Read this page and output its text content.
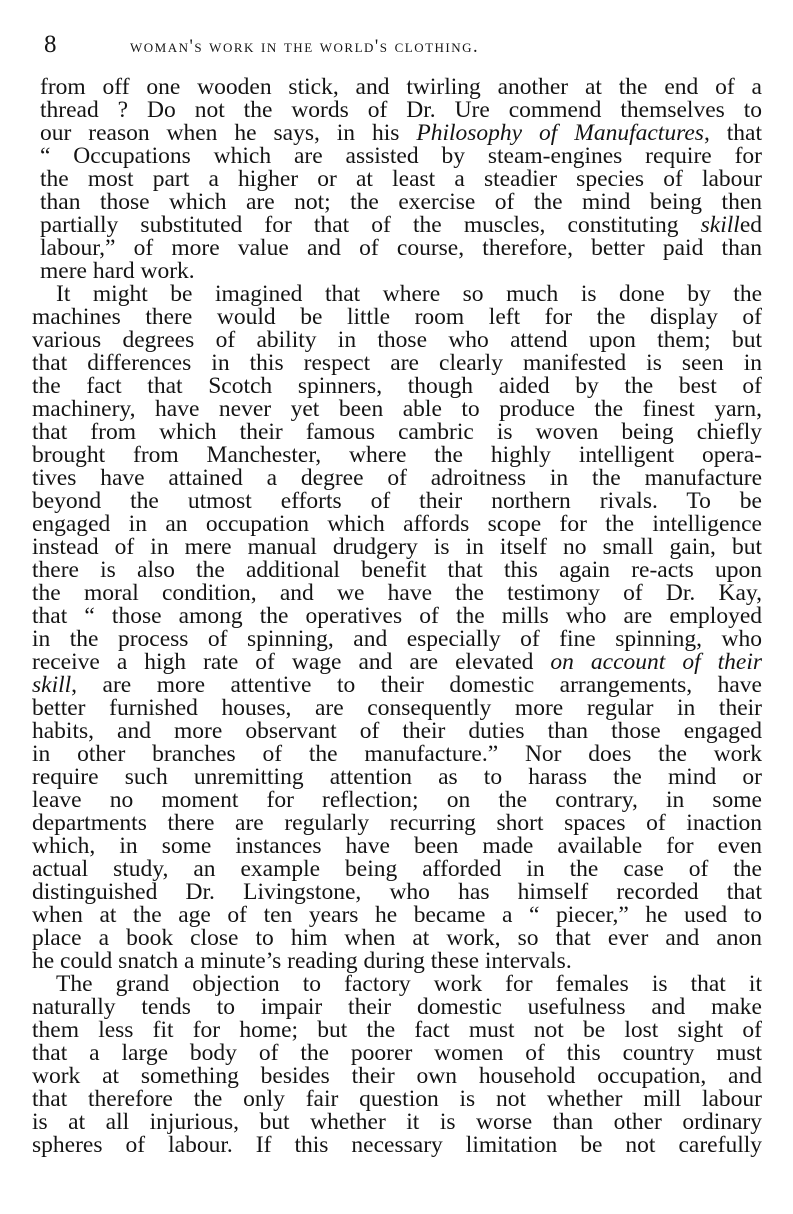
8	woman's work in the world's clothing.
from off one wooden stick, and twirling another at the end of a
thread ? Do not the words of Dr. Ure commend themselves to
our reason when he says, in his Philosophy of Manufactures, that
“ Occupations which are assisted by steam-engines require for
the most part a higher or at least a steadier species of labour
than those which are not; the exercise of the mind being then
partially substituted for that of the muscles, constituting skilled
labour,” of more value and of course, therefore, better paid than
mere hard work.
It might be imagined that where so much is done by the
machines there would be little room left for the display of
various degrees of ability in those who attend upon them; but
that differences in this respect are clearly manifested is seen in
the fact that Scotch spinners, though aided by the best of
machinery, have never yet been able to produce the finest yarn,
that from which their famous cambric is woven being chiefly
brought from Manchester, where the highly intelligent opera-
tives have attained a degree of adroitness in the manufacture
beyond the utmost efforts of their northern rivals. To be
engaged in an occupation which affords scope for the intelligence
instead of in mere manual drudgery is in itself no small gain, but
there is also the additional benefit that this again re-acts upon
the moral condition, and we have the testimony of Dr. Kay,
that “ those among the operatives of the mills who are employed
in the process of spinning, and especially of fine spinning, who
receive a high rate of wage and are elevated on account of their
skill, are more attentive to their domestic arrangements, have
better furnished houses, are consequently more regular in their
habits, and more observant of their duties than those engaged
in other branches of the manufacture.” Nor does the work
require such unremitting attention as to harass the mind or
leave no moment for reflection; on the contrary, in some
departments there are regularly recurring short spaces of inaction
which, in some instances have been made available for even
actual study, an example being afforded in the case of the
distinguished Dr. Livingstone, who has himself recorded that
when at the age of ten years he became a “ piecer,” he used to
place a book close to him when at work, so that ever and anon
he could snatch a minute’s reading during these intervals.
The grand objection to factory work for females is that it
naturally tends to impair their domestic usefulness and make
them less fit for home; but the fact must not be lost sight of
that a large body of the poorer women of this country must
work at something besides their own household occupation, and
that therefore the only fair question is not whether mill labour
is at all injurious, but whether it is worse than other ordinary
spheres of labour. If this necessary limitation be not carefully
